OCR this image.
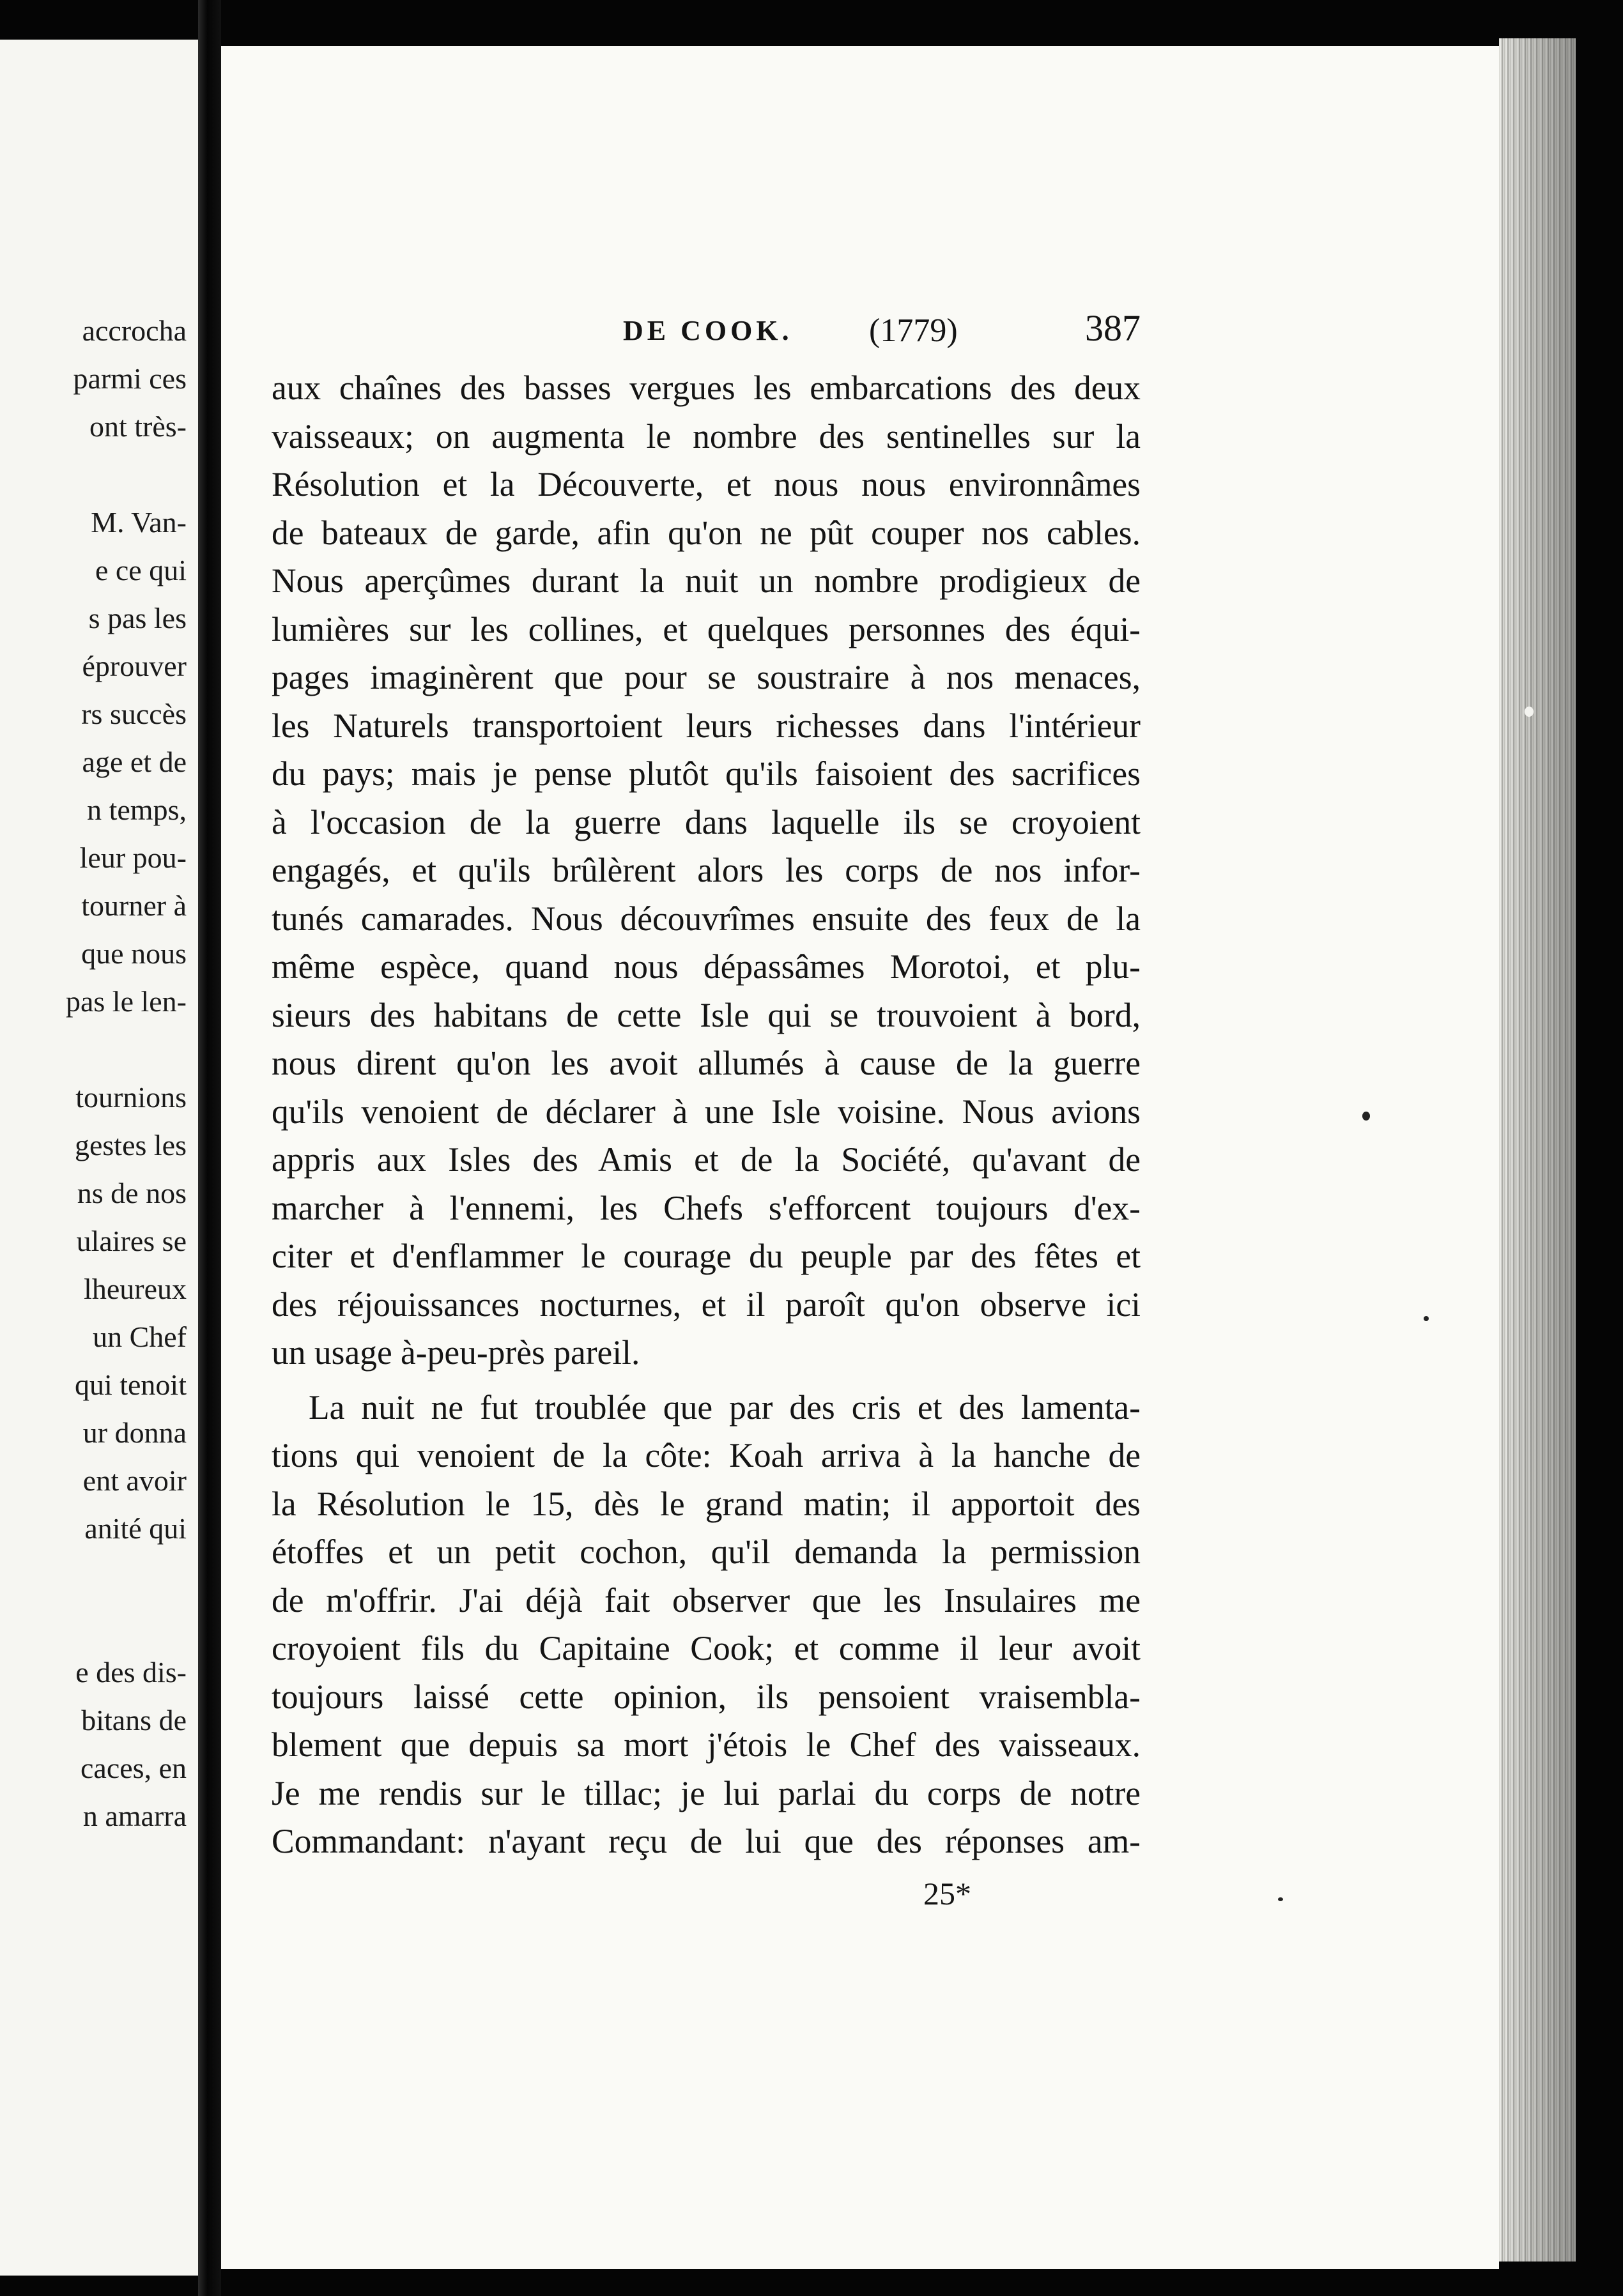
accrocha
parmi ces
ont très-
M. Van-
e ce qui
s pas les
éprouver
rs succès
age et de
n temps,
leur pou-
tourner à
que nous
pas le len-
tournions
gestes les
ns de nos
ulaires se
lheureux
un Chef
qui tenoit
ur donna
ent avoir
anité qui
e des dis-
bitans de
caces, en
n amarra
DE COOK. (1779)	387
aux chaînes des basses vergues les embarcations des deux
vaisseaux; on augmenta le nombre des sentinelles sur la
Résolution et la Découverte, et nous nous environnâmes
de bateaux de garde, afin qu'on ne pût couper nos cables.
Nous aperçûmes durant la nuit un nombre prodigieux de
lumières sur les collines, et quelques personnes des équi-
pages imaginèrent que pour se soustraire à nos menaces,
les Naturels transportoient leurs richesses dans l'intérieur
du pays; mais je pense plutôt qu'ils faisoient des sacrifices
à l'occasion de la guerre dans laquelle ils se croyoient
engagés, et qu'ils brûlèrent alors les corps de nos infor-
tunés camarades. Nous découvrîmes ensuite des feux de la
même espèce, quand nous dépassâmes Morotoi, et plu-
sieurs des habitans de cette Isle qui se trouvoient à bord,
nous dirent qu'on les avoit allumés à cause de la guerre
qu'ils venoient de déclarer à une Isle voisine. Nous avions
appris aux Isles des Amis et de la Société, qu'avant de
marcher à l'ennemi, les Chefs s'efforcent toujours d'ex-
citer et d'enflammer le courage du peuple par des fêtes et
des réjouissances nocturnes, et il paroît qu'on observe ici
un usage à-peu-près pareil.
La nuit ne fut troublée que par des cris et des lamenta-
tions qui venoient de la côte: Koah arriva à la hanche de
la Résolution le 15, dès le grand matin; il apportoit des
étoffes et un petit cochon, qu'il demanda la permission
de m'offrir. J'ai déjà fait observer que les Insulaires me
croyoient fils du Capitaine Cook; et comme il leur avoit
toujours laissé cette opinion, ils pensoient vraisembla-
blement que depuis sa mort j'étois le Chef des vaisseaux.
Je me rendis sur le tillac; je lui parlai du corps de notre
Commandant: n'ayant reçu de lui que des réponses am-
25*
